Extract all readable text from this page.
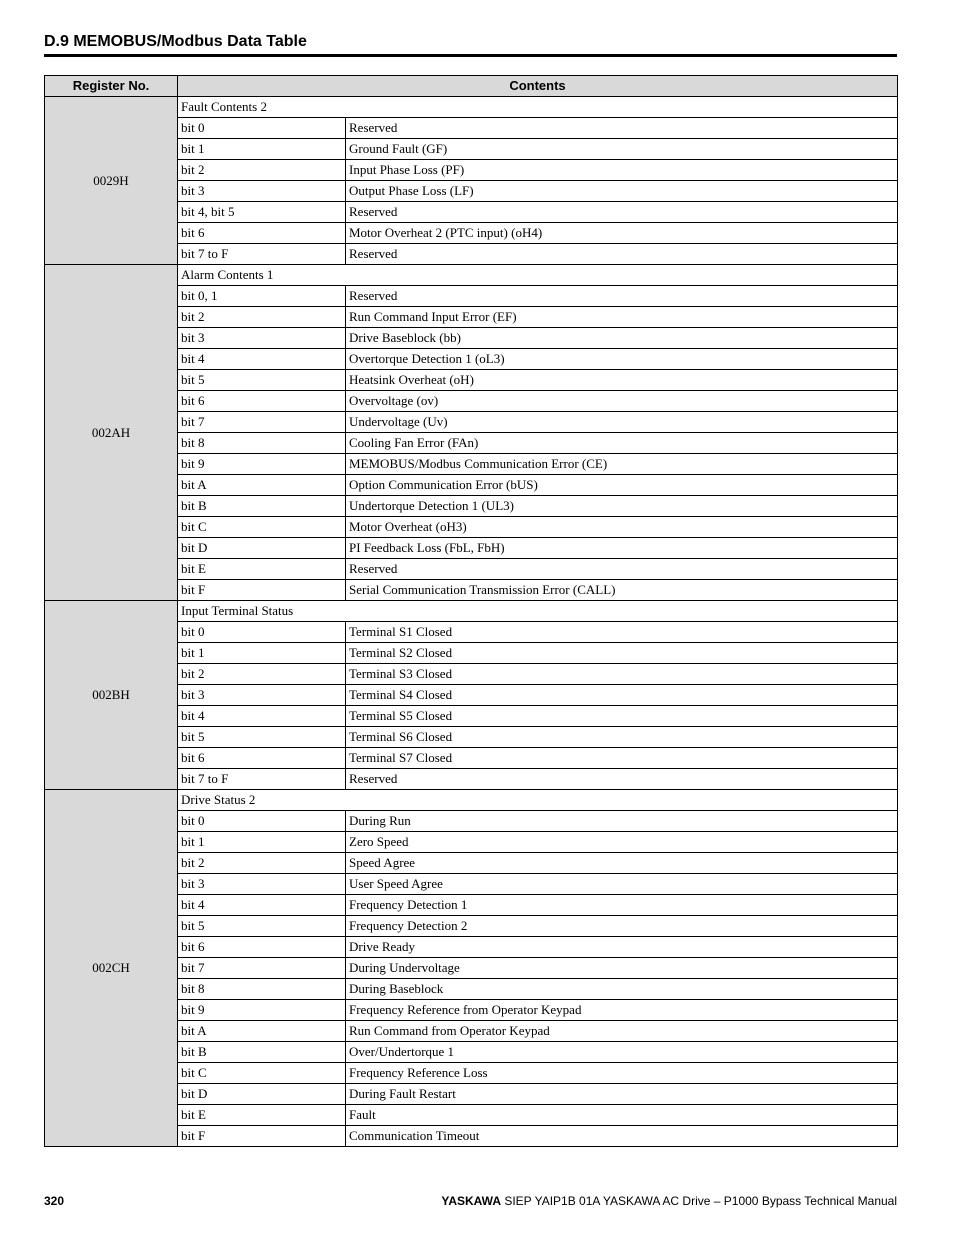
D.9 MEMOBUS/Modbus Data Table
Register No.	Contents	
0029H	Fault Contents 2	
	bit 0	Reserved
	bit 1	Ground Fault (GF)
	bit 2	Input Phase Loss (PF)
	bit 3	Output Phase Loss (LF)
	bit 4, bit 5	Reserved
	bit 6	Motor Overheat 2 (PTC input) (oH4)
	bit 7 to F	Reserved
002AH	Alarm Contents 1	
	bit 0, 1	Reserved
	bit 2	Run Command Input Error (EF)
	bit 3	Drive Baseblock (bb)
	bit 4	Overtorque Detection 1 (oL3)
	bit 5	Heatsink Overheat (oH)
	bit 6	Overvoltage (ov)
	bit 7	Undervoltage (Uv)
	bit 8	Cooling Fan Error (FAn)
	bit 9	MEMOBUS/Modbus Communication Error (CE)
	bit A	Option Communication Error (bUS)
	bit B	Undertorque Detection 1 (UL3)
	bit C	Motor Overheat (oH3)
	bit D	PI Feedback Loss (FbL, FbH)
	bit E	Reserved
	bit F	Serial Communication Transmission Error (CALL)
002BH	Input Terminal Status	
	bit 0	Terminal S1 Closed
	bit 1	Terminal S2 Closed
	bit 2	Terminal S3 Closed
	bit 3	Terminal S4 Closed
	bit 4	Terminal S5 Closed
	bit 5	Terminal S6 Closed
	bit 6	Terminal S7 Closed
	bit 7 to F	Reserved
002CH	Drive Status 2	
	bit 0	During Run
	bit 1	Zero Speed
	bit 2	Speed Agree
	bit 3	User Speed Agree
	bit 4	Frequency Detection 1
	bit 5	Frequency Detection 2
	bit 6	Drive Ready
	bit 7	During Undervoltage
	bit 8	During Baseblock
	bit 9	Frequency Reference from Operator Keypad
	bit A	Run Command from Operator Keypad
	bit B	Over/Undertorque 1
	bit C	Frequency Reference Loss
	bit D	During Fault Restart
	bit E	Fault
	bit F	Communication Timeout
320	YASKAWA SIEP YAIP1B 01A YASKAWA AC Drive – P1000 Bypass Technical Manual
